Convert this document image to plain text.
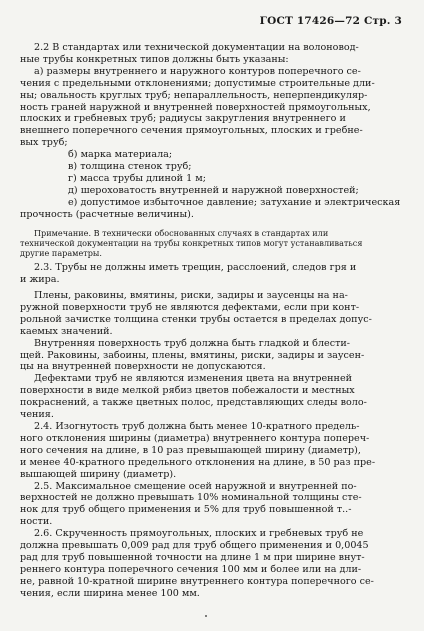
ГОСТ 17426—72 Стр. 3
2.2 В стандартах или технической документации на волоновод-
ные трубы конкретных типов должны быть указаны:
а) размеры внутреннего и наружного контуров поперечного се-
чения с предельными отклонениями; допустимые строительные дли-
ны; овальность круглых труб; непараллельность, неперпендикуляр-
ность граней наружной и внутренней поверхностей прямоугольных,
плоских и гребневых труб; радиусы закругления внутреннего и
внешнего поперечного сечения прямоугольных, плоских и гребне-
вых труб;
б) марка материала;
в) толщина стенок труб;
г) масса трубы длиной 1 м;
д) шероховатость внутренней и наружной поверхностей;
е) допустимое избыточное давление; затухание и электрическая
прочность (расчетные величины).
Примечание. В технически обоснованных случаях в стандартах или
технической документации на трубы конкретных типов могут устанавливаться
другие параметры.
2.3. Трубы не должны иметь трещин, расслоений, следов гря и
и жира.
Плены, раковины, вмятины, риски, задиры и заусенцы на на-
ружной поверхности труб не являются дефектами, если при конт-
рольной зачистке толщина стенки трубы остается в пределах допус-
каемых значений.
Внутренняя поверхность труб должна быть гладкой и блести-
щей. Раковины, забоины, плены, вмятины, риски, задиры и заусен-
цы на внутренней поверхности не допускаются.
Дефектами труб не являются изменения цвета на внутренней
поверхности в виде мелкой рябиз цветов побежалости и местных
покраснений, а также цветных полос, представляющих следы воло-
чения.
2.4. Изогнутость труб должна быть менее 10-кратного предель-
ного отклонения ширины (диаметра) внутреннего контура попереч-
ного сечения на длине, в 10 раз превышающей ширину (диаметр),
и менее 40-кратного предельного отклонения на длине, в 50 раз пре-
вышающей ширину (диаметр).
2.5. Максимальное смещение осей наружной и внутренней по-
верхностей не должно превышать 10% номинальной толщины сте-
нок для труб общего применения и 5% для труб повышенной т..-
ности.
2.6. Скрученность прямоугольных, плоских и гребневых труб не
должна превышать 0,009 рад для труб общего применения и 0,0045
рад для труб повышенной точности на длине 1 м при ширине внут-
реннего контура поперечного сечения 100 мм и более или на дли-
не, равной 10-кратной ширине внутреннего контура поперечного се-
чения, если ширина менее 100 мм.
